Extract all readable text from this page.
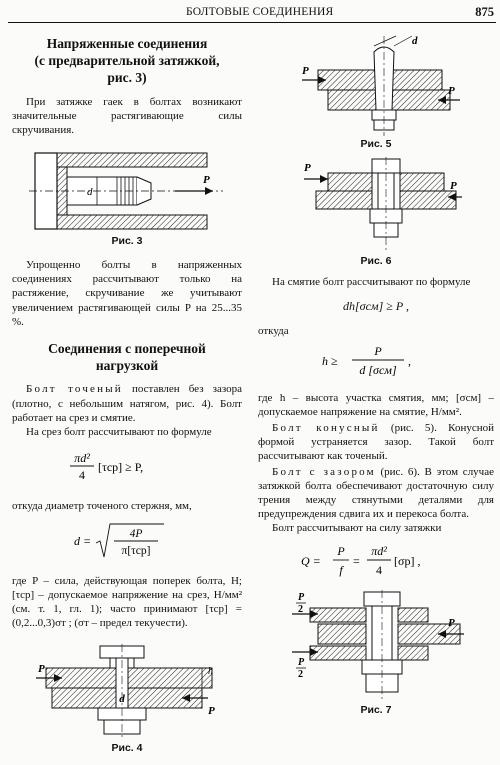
БОЛТОВЫЕ СОЕДИНЕНИЯ	875
Напряженные соединения
(с предварительной затяжкой,
рис. 3)

При затяжке гаек в болтах возникают значительные растягивающие силы скручивания.

d
P
Рис. 3

Упрощенно болты в напряженных соединениях рассчитывают только на растяжение, скручивание же учитывают увеличением растягивающей силы P на 25...35 %.

Соединения с поперечной
нагрузкой

Болт точеный поставлен без зазора (плотно, с небольшим натягом, рис. 4). Болт работает на срез и смятие.

На срез болт рассчитывают по формуле

πd²
4
[τср] ≥ P,

откуда диаметр точеного стержня, мм,

d =	4P
π[τср]

где P – сила, действующая поперек болта, Н; [τср] – допускаемое напряжение на срез, Н/мм² (см. т. 1, гл. 1); часто принимают [τср] = (0,2...0,3)σт ; (σт – предел текучести).

P
P
d
h
Рис. 4
d
P
P
Рис. 5
P
P
Рис. 6

На смятие болт рассчитывают по формуле

dh[σсм] ≥ P ,

откуда

h ≥
P
d [σсм]
,

где h – высота участка смятия, мм; [σсм] – допускаемое напряжение на смятие, Н/мм².

Болт конусный (рис. 5). Конусной формой устраняется зазор. Такой болт рассчитывают как точеный.

Болт с зазором (рис. 6). В этом случае затяжкой болта обеспечивают достаточную силу трения между стянутыми деталями для предупреждения сдвига их и перекоса болта.

Болт рассчитывают на силу затяжки

Q =
P
f
=
πd²
4
[σр] ,
P
2
P
2
P
Рис. 7
